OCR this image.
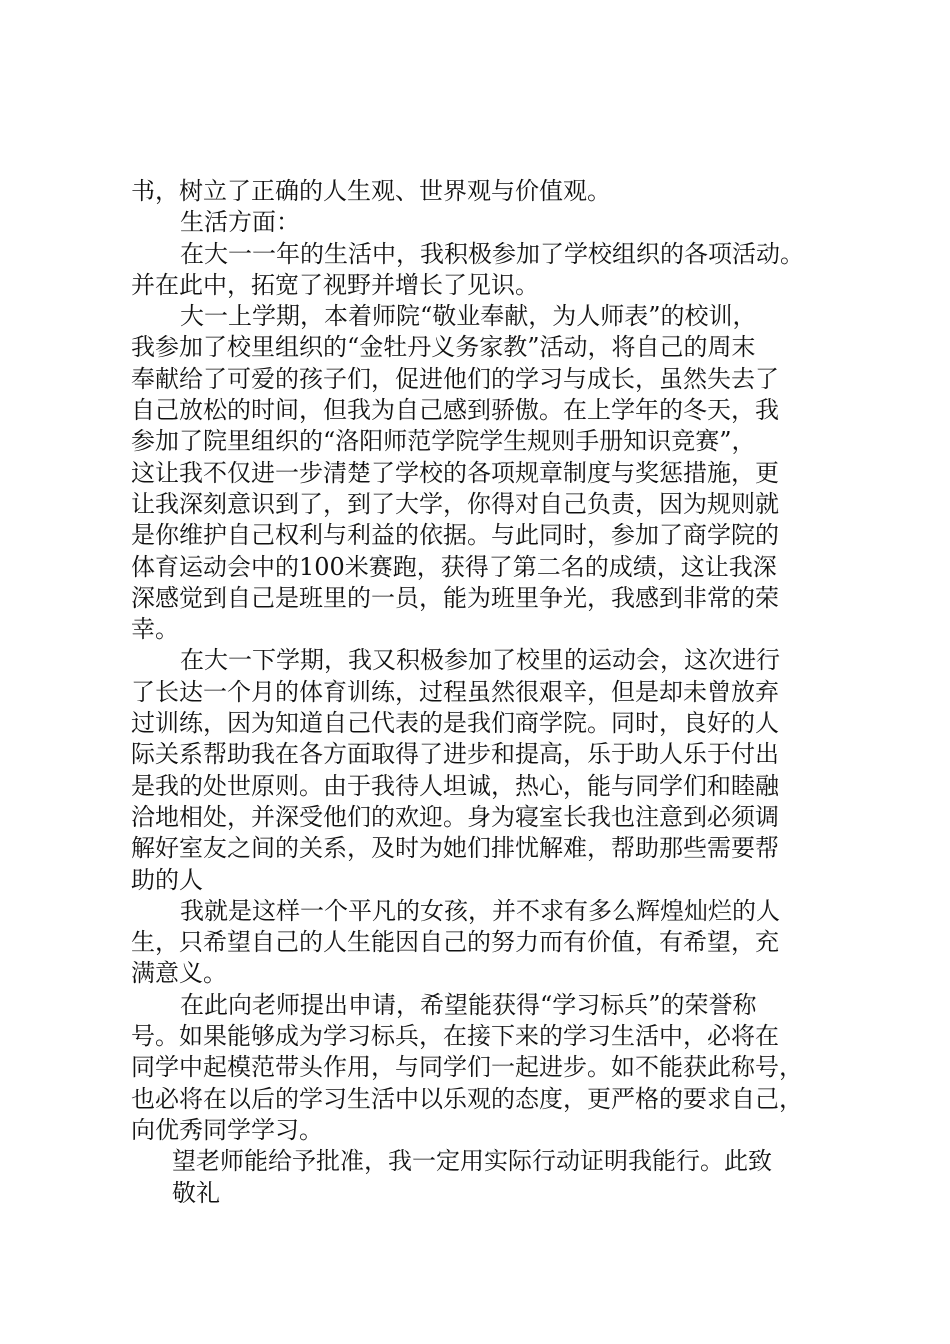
书，树立了正确的人生观、世界观与价值观。
生活方面：
在大一一年的生活中，我积极参加了学校组织的各项活动。
并在此中，拓宽了视野并增长了见识。
大一上学期，本着师院“敬业奉献，为人师表”的校训，
我参加了校里组织的“金牡丹义务家教”活动，将自己的周末
奉献给了可爱的孩子们，促进他们的学习与成长，虽然失去了
自己放松的时间，但我为自己感到骄傲。在上学年的冬天，我
参加了院里组织的“洛阳师范学院学生规则手册知识竞赛”，
这让我不仅进一步清楚了学校的各项规章制度与奖惩措施，更
让我深刻意识到了，到了大学，你得对自己负责，因为规则就
是你维护自己权利与利益的依据。与此同时，参加了商学院的
体育运动会中的100米赛跑，获得了第二名的成绩，这让我深
深感觉到自己是班里的一员，能为班里争光，我感到非常的荣
幸。
在大一下学期，我又积极参加了校里的运动会，这次进行
了长达一个月的体育训练，过程虽然很艰辛，但是却未曾放弃
过训练，因为知道自己代表的是我们商学院。同时，良好的人
际关系帮助我在各方面取得了进步和提高，乐于助人乐于付出
是我的处世原则。由于我待人坦诚，热心，能与同学们和睦融
洽地相处，并深受他们的欢迎。身为寝室长我也注意到必须调
解好室友之间的关系，及时为她们排忧解难，帮助那些需要帮
助的人
我就是这样一个平凡的女孩，并不求有多么辉煌灿烂的人
生，只希望自己的人生能因自己的努力而有价值，有希望，充
满意义。
在此向老师提出申请，希望能获得“学习标兵”的荣誉称
号。如果能够成为学习标兵，在接下来的学习生活中，必将在
同学中起模范带头作用，与同学们一起进步。如不能获此称号，
也必将在以后的学习生活中以乐观的态度，更严格的要求自己，
向优秀同学学习。
望老师能给予批准，我一定用实际行动证明我能行。此致
敬礼
